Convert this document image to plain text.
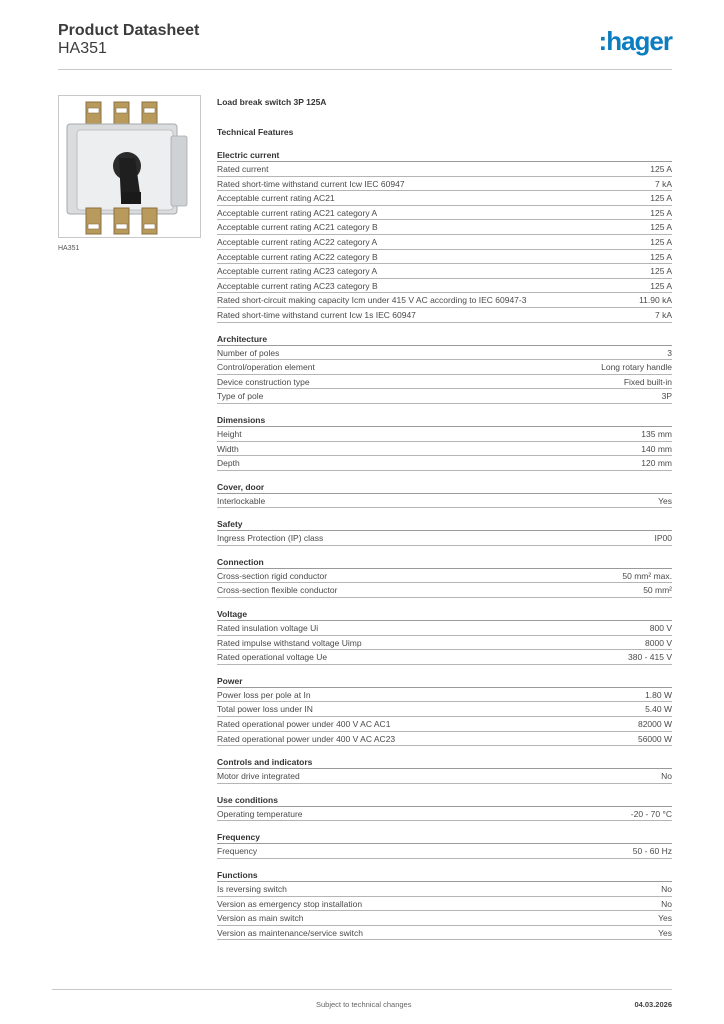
Product Datasheet
HA351	:hager
HA351
Load break switch 3P 125A
Technical Features
Electric current
Rated current	125 A
Rated short-time withstand current Icw IEC 60947	7 kA
Acceptable current rating AC21	125 A
Acceptable current rating AC21 category A	125 A
Acceptable current rating AC21 category B	125 A
Acceptable current rating AC22 category A	125 A
Acceptable current rating AC22 category B	125 A
Acceptable current rating AC23 category A	125 A
Acceptable current rating AC23 category B	125 A
Rated short-circuit making capacity Icm under 415 V AC according to IEC 60947-3	11.90 kA
Rated short-time withstand current Icw 1s IEC 60947	7 kA
Architecture
Number of poles	3
Control/operation element	Long rotary handle
Device construction type	Fixed built-in
Type of pole	3P
Dimensions
Height	135 mm
Width	140 mm
Depth	120 mm
Cover, door
Interlockable	Yes
Safety
Ingress Protection (IP) class	IP00
Connection
Cross-section rigid conductor	50 mm² max.
Cross-section flexible conductor	50 mm²
Voltage
Rated insulation voltage Ui	800 V
Rated impulse withstand voltage Uimp	8000 V
Rated operational voltage Ue	380 - 415 V
Power
Power loss per pole at In	1.80 W
Total power loss under IN	5.40 W
Rated operational power under 400 V AC AC1	82000 W
Rated operational power under 400 V AC AC23	56000 W
Controls and indicators
Motor drive integrated	No
Use conditions
Operating temperature	-20 - 70 °C
Frequency
Frequency	50 - 60 Hz
Functions
Is reversing switch	No
Version as emergency stop installation	No
Version as main switch	Yes
Version as maintenance/service switch	Yes
Subject to technical changes	04.03.2026
